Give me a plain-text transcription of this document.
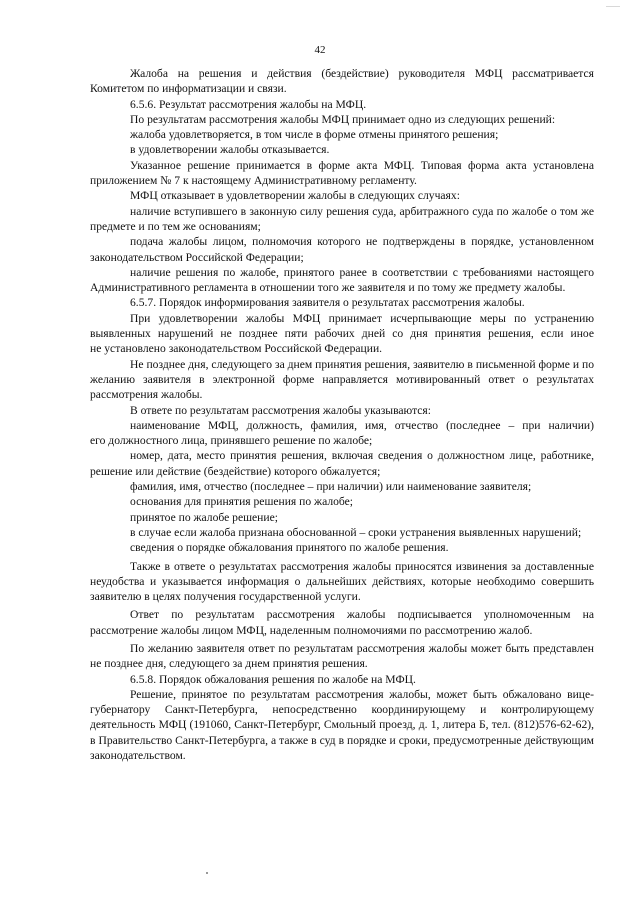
42

Жалоба на решения и действия (бездействие) руководителя МФЦ рассматривается Комитетом по информатизации и связи.

6.5.6. Результат рассмотрения жалобы на МФЦ.

По результатам рассмотрения жалобы МФЦ принимает одно из следующих решений:

жалоба удовлетворяется, в том числе в форме отмены принятого решения;

в удовлетворении жалобы отказывается.

Указанное решение принимается в форме акта МФЦ. Типовая форма акта установлена приложением № 7 к настоящему Административному регламенту.

МФЦ отказывает в удовлетворении жалобы в следующих случаях:

наличие вступившего в законную силу решения суда, арбитражного суда по жалобе о том же предмете и по тем же основаниям;

подача жалобы лицом, полномочия которого не подтверждены в порядке, установленном законодательством Российской Федерации;

наличие решения по жалобе, принятого ранее в соответствии с требованиями настоящего Административного регламента в отношении того же заявителя и по тому же предмету жалобы.

6.5.7. Порядок информирования заявителя о результатах рассмотрения жалобы.

При удовлетворении жалобы МФЦ принимает исчерпывающие меры по устранению выявленных нарушений не позднее пяти рабочих дней со дня принятия решения, если иное

не установлено законодательством Российской Федерации.

Не позднее дня, следующего за днем принятия решения, заявителю в письменной форме и по желанию заявителя в электронной форме направляется мотивированный ответ о результатах рассмотрения жалобы.

В ответе по результатам рассмотрения жалобы указываются:

наименование МФЦ, должность, фамилия, имя, отчество (последнее – при наличии)

его должностного лица, принявшего решение по жалобе;

номер, дата, место принятия решения, включая сведения о должностном лице, работнике, решение или действие (бездействие) которого обжалуется;

фамилия, имя, отчество (последнее – при наличии) или наименование заявителя;

основания для принятия решения по жалобе;

принятое по жалобе решение;

в случае если жалоба признана обоснованной – сроки устранения выявленных нарушений;

сведения о порядке обжалования принятого по жалобе решения.

Также в ответе о результатах рассмотрения жалобы приносятся извинения за доставленные неудобства и указывается информация о дальнейших действиях, которые необходимо совершить заявителю в целях получения государственной услуги.

Ответ по результатам рассмотрения жалобы подписывается уполномоченным на рассмотрение жалобы лицом МФЦ, наделенным полномочиями по рассмотрению жалоб.

По желанию заявителя ответ по результатам рассмотрения жалобы может быть представлен не позднее дня, следующего за днем принятия решения.

6.5.8. Порядок обжалования решения по жалобе на МФЦ.

Решение, принятое по результатам рассмотрения жалобы, может быть обжаловано вице-губернатору Санкт-Петербурга, непосредственно координирующему и контролирующему деятельность МФЦ (191060, Санкт-Петербург, Смольный проезд, д. 1, литера Б, тел. (812)576-62-62), в Правительство Санкт-Петербурга, а также в суд в порядке и сроки, предусмотренные действующим законодательством.
